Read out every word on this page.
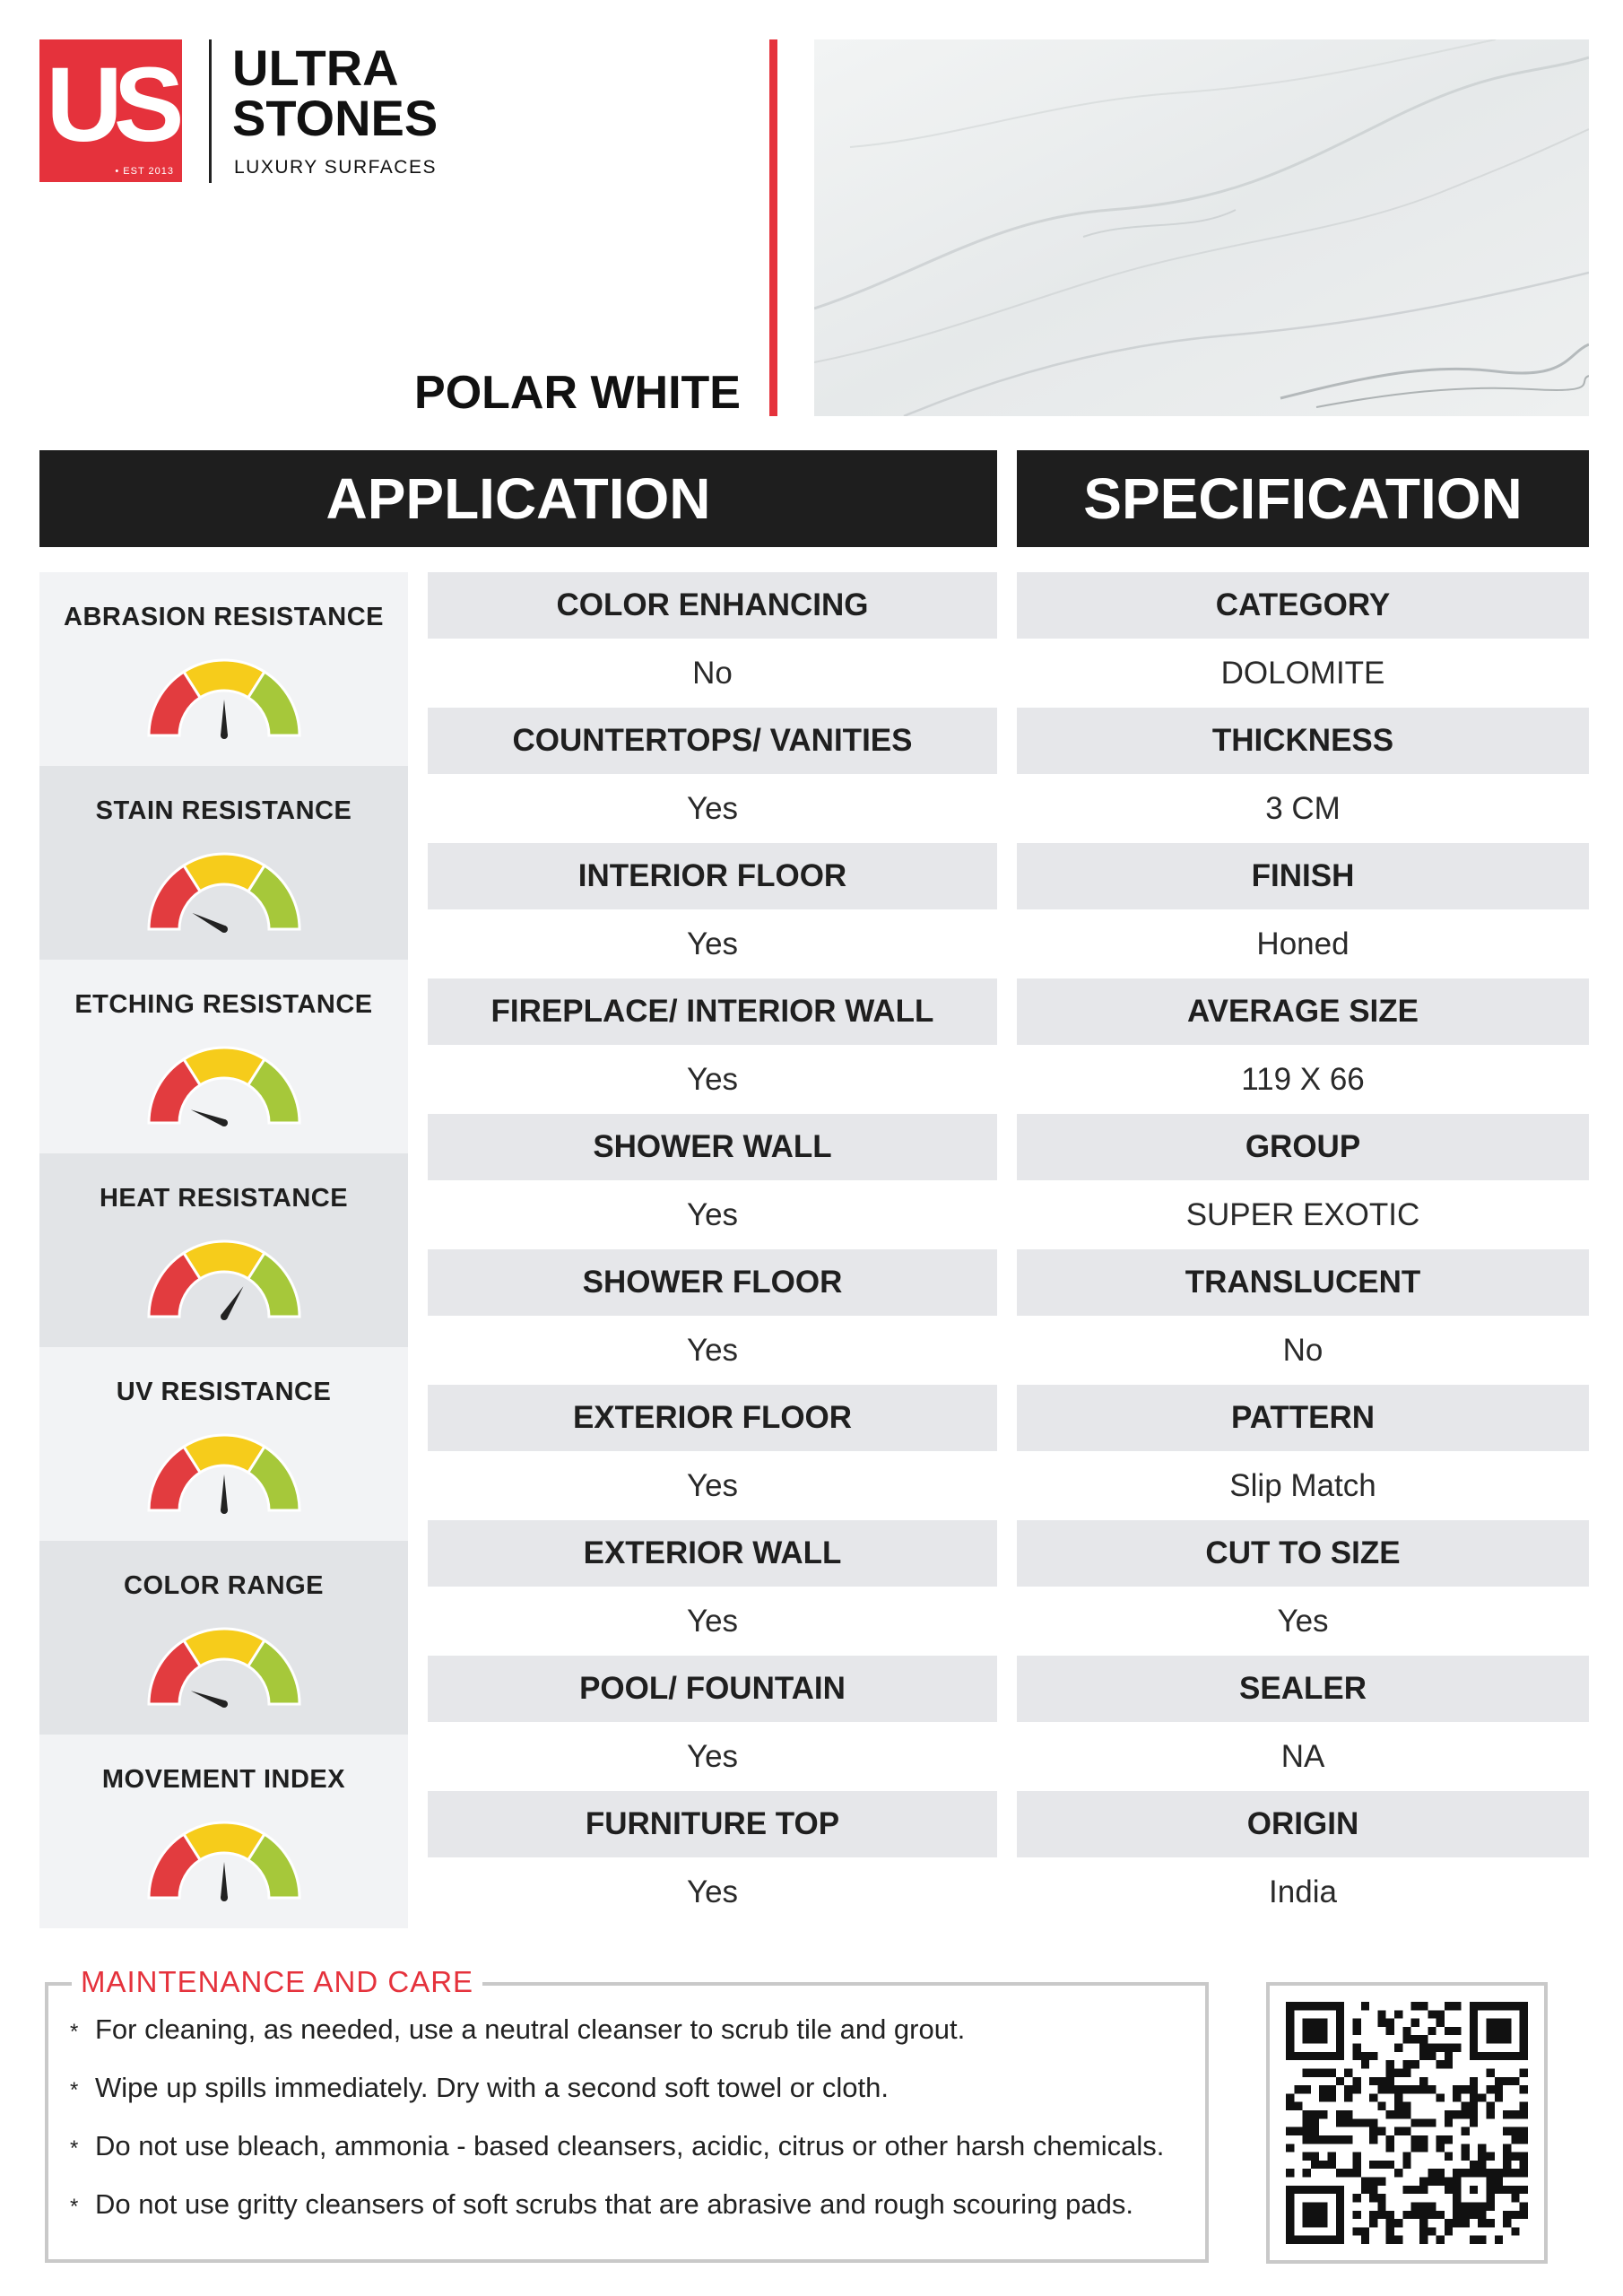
US
• EST 2013
ULTRA
STONES
LUXURY SURFACES
POLAR WHITE
APPLICATION	SPECIFICATION
ABRASION RESISTANCE
STAIN RESISTANCE
ETCHING RESISTANCE
HEAT RESISTANCE
UV RESISTANCE
COLOR RANGE
MOVEMENT INDEX
COLOR ENHANCING
No
COUNTERTOPS/ VANITIES
Yes
INTERIOR FLOOR
Yes
FIREPLACE/ INTERIOR WALL
Yes
SHOWER WALL
Yes
SHOWER FLOOR
Yes
EXTERIOR FLOOR
Yes
EXTERIOR WALL
Yes
POOL/ FOUNTAIN
Yes
FURNITURE TOP
Yes
CATEGORY
DOLOMITE
THICKNESS
3 CM
FINISH
Honed
AVERAGE SIZE
119 X 66
GROUP
SUPER EXOTIC
TRANSLUCENT
No
PATTERN
Slip Match
CUT TO SIZE
Yes
SEALER
NA
ORIGIN
India
MAINTENANCE AND CARE
* For cleaning, as needed, use a neutral cleanser to scrub tile and grout.
* Wipe up spills immediately. Dry with a second soft towel or cloth.
* Do not use bleach, ammonia - based cleansers, acidic, citrus or other harsh chemicals.
* Do not use gritty cleansers of soft scrubs that are abrasive and rough scouring pads.
